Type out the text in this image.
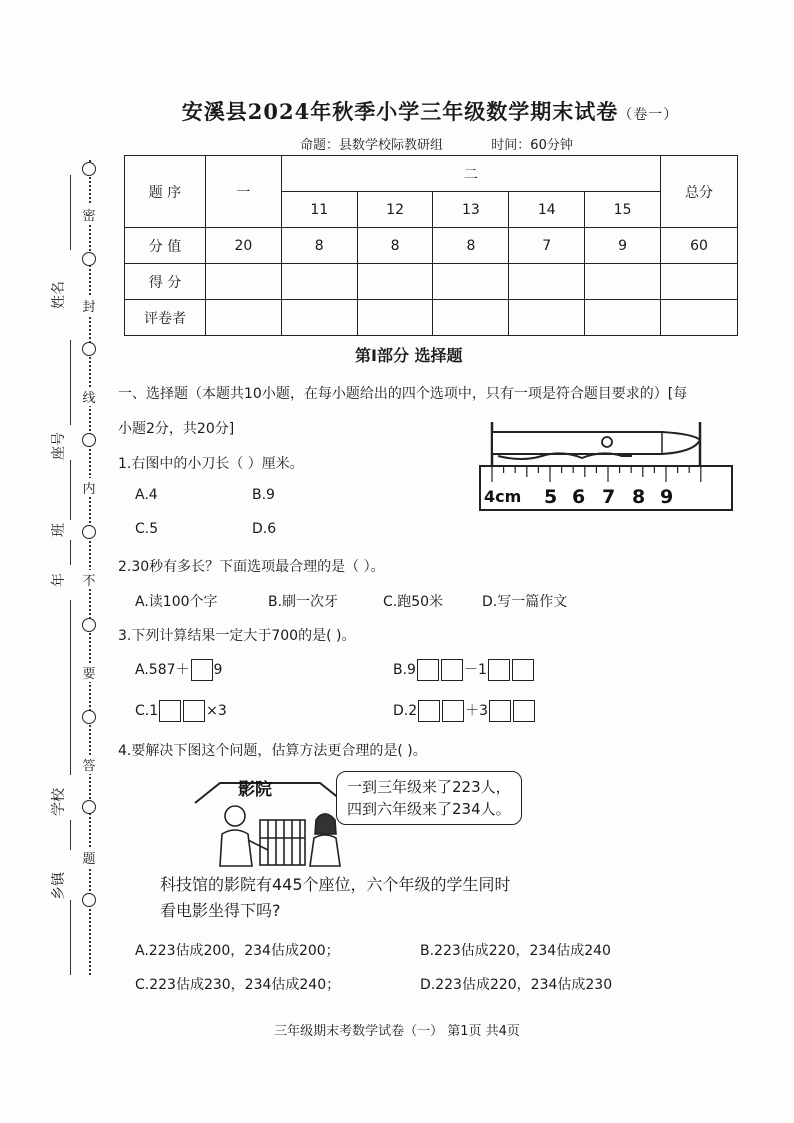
密
封
线
内
不
要
答
题
姓名
座号
班
年
学校
乡镇
安溪县2024年秋季小学三年级数学期末试卷（卷一）
命题：县数学校际教研组	时间：60分钟
题 序	一	二					总分
		11	12	13	14	15	
分 值	20	8	8	8	7	9	60
得 分							
评卷者							
第Ⅰ部分 选择题
一、选择题（本题共10小题，在每小题给出的四个选项中，只有一项是符合题目要求的）[每
小题2分，共20分]
1.右图中的小刀长（ ）厘米。
A.4	B.9
C.5	D.6
4cm 5 6 7 8 9
2.30秒有多长？下面选项最合理的是（ ）。
A.读100个字	B.刷一次牙	C.跑50米	D.写一篇作文
3.下列计算结果一定大于700的是( )。
A.587＋ 9	B.9	－1
C.1	×3	D.2	＋3
4.要解决下图这个问题，估算方法更合理的是( )。
影院	一到三年级来了223人，
四到六年级来了234人。
科技馆的影院有445个座位，六个年级的学生同时
看电影坐得下吗?
A.223估成200，234估成200；	B.223估成220，234估成240
C.223估成230，234估成240；	D.223估成220，234估成230
三年级期末考数学试卷（一） 第1页 共4页
